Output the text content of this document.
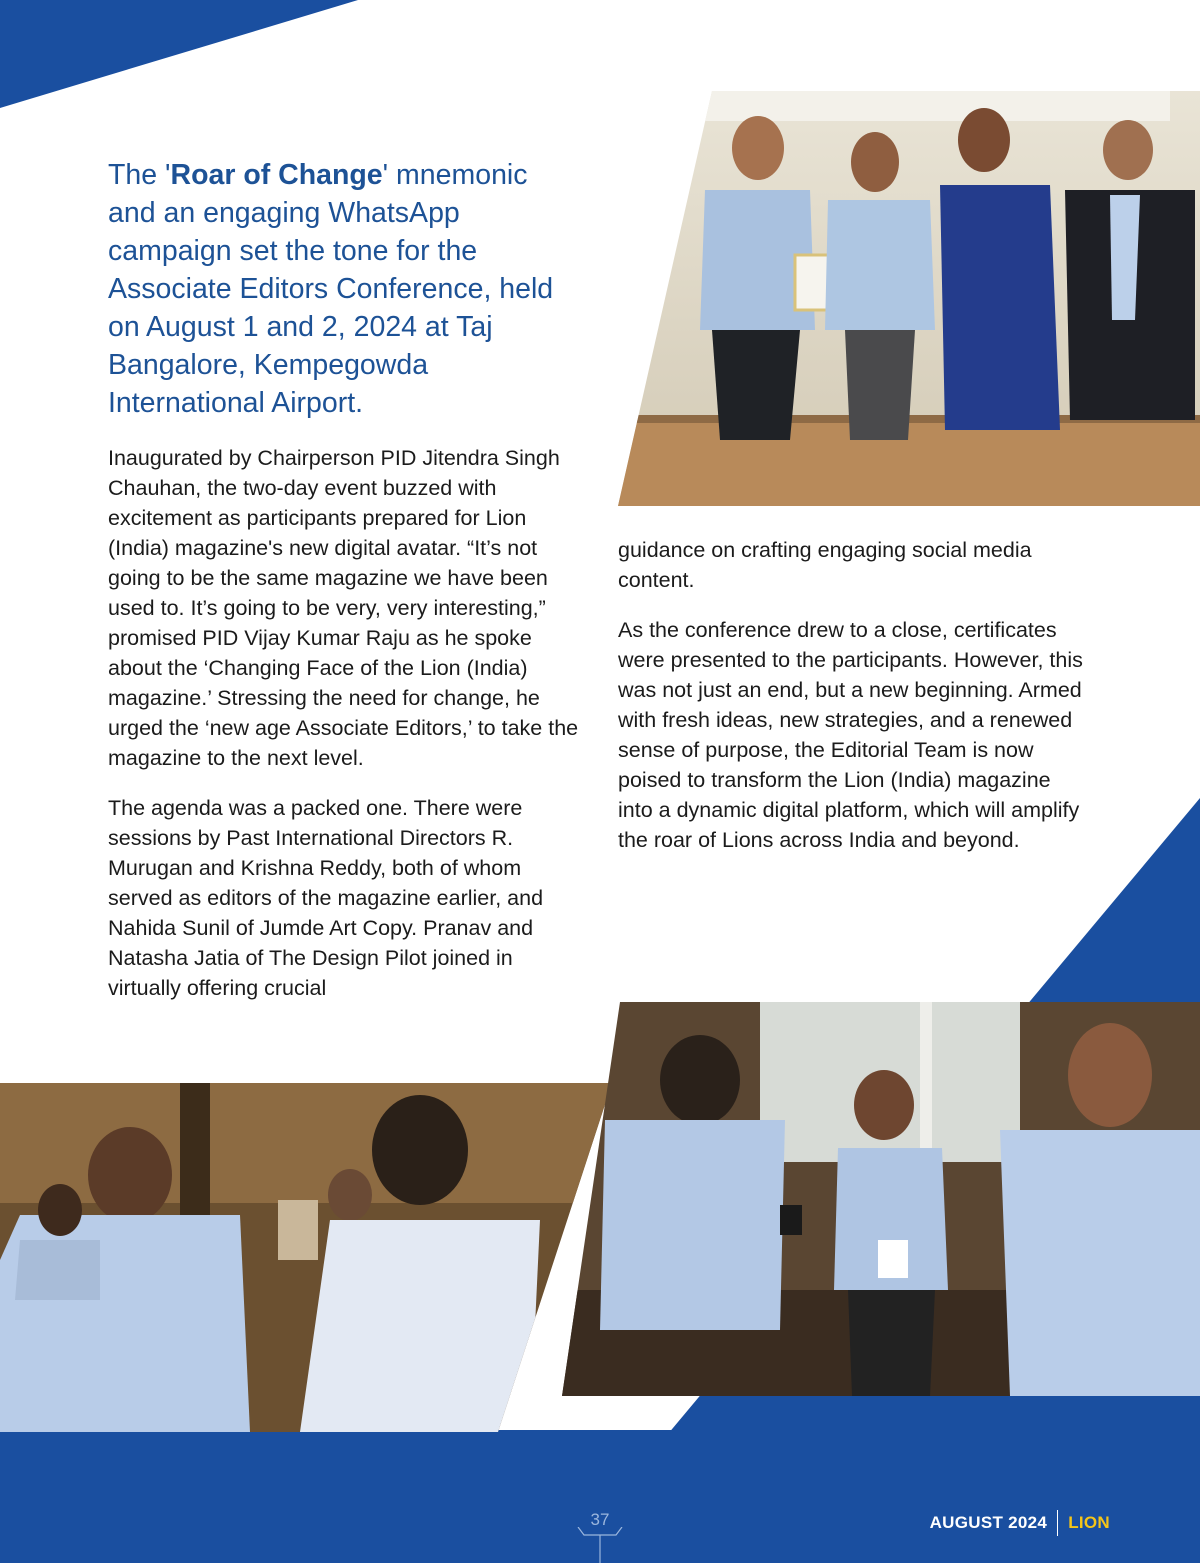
The 'Roar of Change' mnemonic and an engaging WhatsApp campaign set the tone for the Associate Editors Conference, held on August 1 and 2, 2024 at Taj Bangalore, Kempegowda International Airport.

Inaugurated by Chairperson PID Jitendra Singh Chauhan, the two-day event buzzed with excitement as participants prepared for Lion (India) magazine's new digital avatar. “It’s not going to be the same magazine we have been used to. It’s going to be very, very interesting,” promised PID Vijay Kumar Raju as he spoke about the ‘Changing Face of the Lion (India) magazine.’ Stressing the need for change, he urged the ‘new age Associate Editors,’ to take the magazine to the next level.

The agenda was a packed one. There were sessions by Past International Directors R. Murugan and Krishna Reddy, both of whom served as editors of the magazine earlier, and Nahida Sunil of Jumde Art Copy. Pranav and Natasha Jatia of The Design Pilot joined in virtually offering crucial

guidance on crafting engaging social media content.

As the conference drew to a close, certificates were presented to the participants. However, this was not just an end, but a new beginning. Armed with fresh ideas, new strategies, and a renewed sense of purpose, the Editorial Team is now poised to transform the Lion (India) magazine into a dynamic digital platform, which will amplify the roar of Lions across India and beyond.

37	AUGUST 2024 LION
